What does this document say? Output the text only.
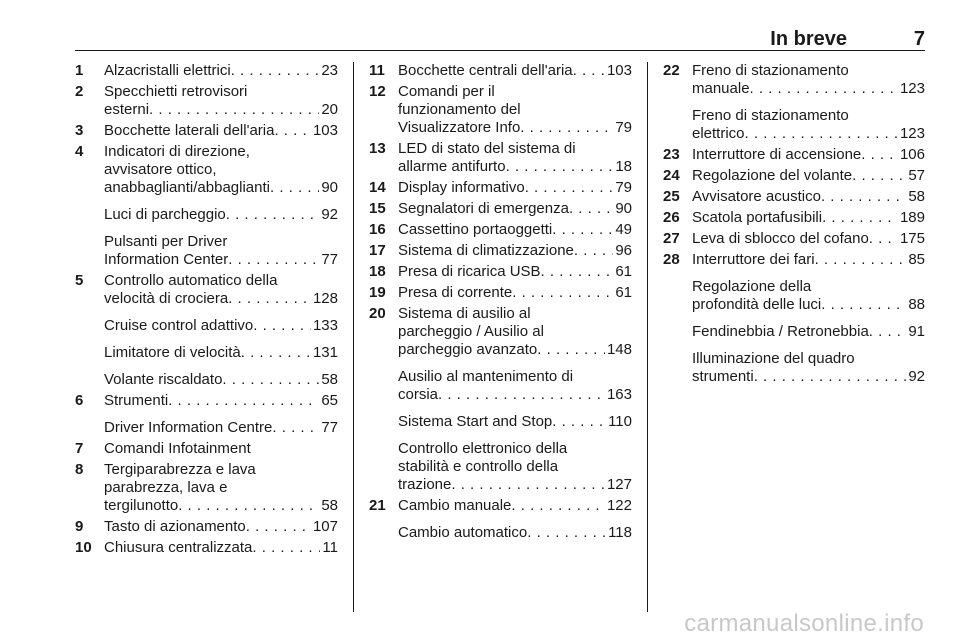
In breve	7
1	Alzacristalli elettrici . . .	23
2	Specchietti retrovisori
esterni . . .	20
3	Bocchette laterali dell'aria . . .	103
4	Indicatori di direzione,
avvisatore ottico,
anabbaglianti/abbaglianti . . .	90
Luci di parcheggio . . .	92
Pulsanti per Driver
Information Center . . .	77
5	Controllo automatico della
velocità di crociera . . .	128
Cruise control adattivo . . .	133
Limitatore di velocità . . .	131
Volante riscaldato . . .	58
6	Strumenti . . .	65
Driver Information Centre . . .	77
7	Comandi Infotainment
8	Tergiparabrezza e lava
parabrezza, lava e
tergilunotto . . .	58
9	Tasto di azionamento . . .	107
10 Chiusura centralizzata . . .	11
11 Bocchette centrali dell'aria . . . 103
12 Comandi per il
funzionamento del
Visualizzatore Info . . .	79
13 LED di stato del sistema di
allarme antifurto . . .	18
14 Display informativo . . .	79
15 Segnalatori di emergenza . . .	90
16 Cassettino portaoggetti . . .	49
17 Sistema di climatizzazione . . .	96
18 Presa di ricarica USB . . .	61
19 Presa di corrente . . .	61
20 Sistema di ausilio al
parcheggio / Ausilio al
parcheggio avanzato . . .	148
Ausilio al mantenimento di
corsia . . .	163
Sistema Start and Stop . . .	110
Controllo elettronico della
stabilità e controllo della
trazione . . .	127
21 Cambio manuale . . .	122
Cambio automatico . . .	118
22 Freno di stazionamento
manuale . . .	123
Freno di stazionamento
elettrico . . .	123
23 Interruttore di accensione . . .	106
24 Regolazione del volante . . .	57
25 Avvisatore acustico . . .	58
26 Scatola portafusibili . . .	189
27 Leva di sblocco del cofano . . . 175
28 Interruttore dei fari . . .	85
Regolazione della
profondità delle luci . . .	88
Fendinebbia / Retronebbia . . .	91
Illuminazione del quadro
strumenti . . .	92
carmanualsonline.info
